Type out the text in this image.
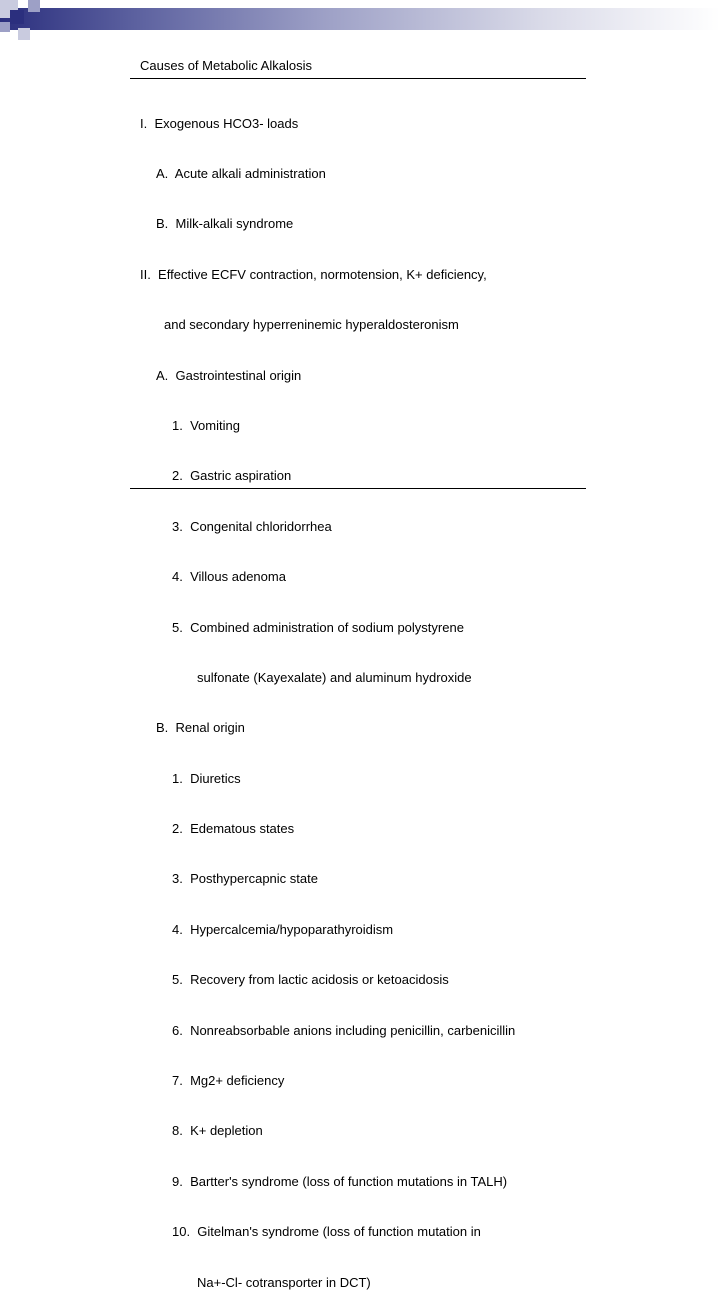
Causes of Metabolic Alkalosis

I.  Exogenous HCO3- loads

A.  Acute alkali administration

B.  Milk-alkali syndrome

II.  Effective ECFV contraction, normotension, K+ deficiency,

and secondary hyperreninemic hyperaldosteronism

A.  Gastrointestinal origin

1.  Vomiting

2.  Gastric aspiration

3.  Congenital chloridorrhea

4.  Villous adenoma

5.  Combined administration of sodium polystyrene

sulfonate (Kayexalate) and aluminum hydroxide

B.  Renal origin

1.  Diuretics

2.  Edematous states

3.  Posthypercapnic state

4.  Hypercalcemia/hypoparathyroidism

5.  Recovery from lactic acidosis or ketoacidosis

6.  Nonreabsorbable anions including penicillin, carbenicillin

7.  Mg2+ deficiency

8.  K+ depletion

9.  Bartter's syndrome (loss of function mutations in TALH)

10.  Gitelman's syndrome (loss of function mutation in

Na+-Cl- cotransporter in DCT)
